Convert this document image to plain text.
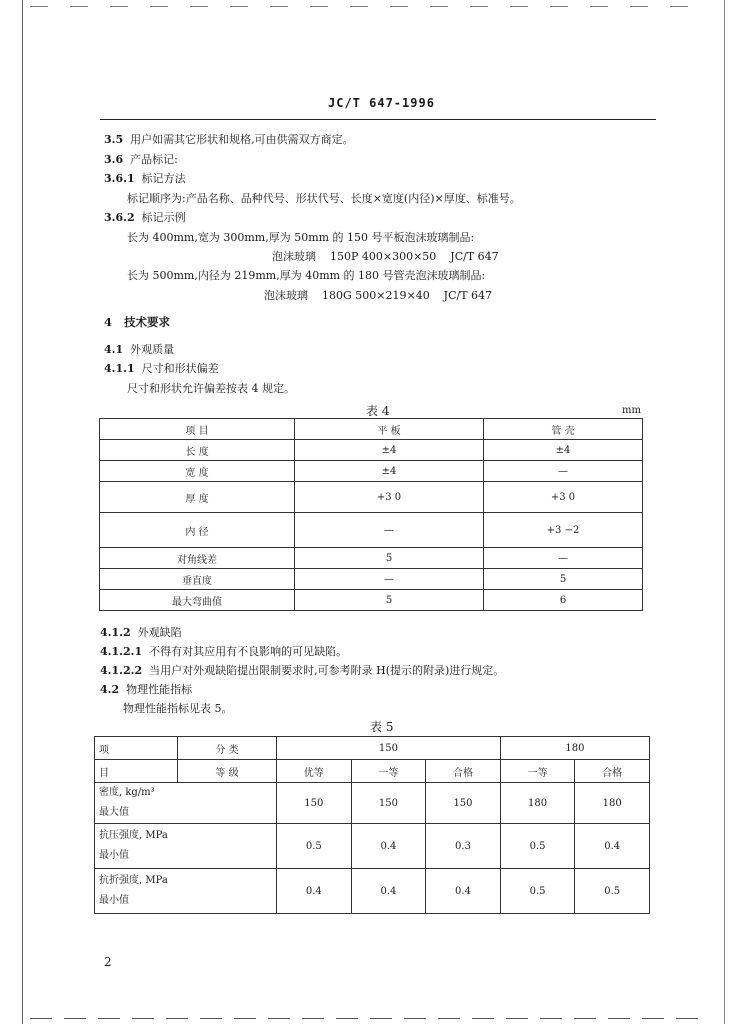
JC/T 647-1996
3.5 用户如需其它形状和规格,可由供需双方商定。
3.6 产品标记:
3.6.1 标记方法
标记顺序为:产品名称、品种代号、形状代号、长度×宽度(内径)×厚度、标准号。
3.6.2 标记示例
长为 400mm,宽为 300mm,厚为 50mm 的 150 号平板泡沫玻璃制品:
泡沫玻璃    150P 400×300×50    JC/T 647
长为 500mm,内径为 219mm,厚为 40mm 的 180 号管壳泡沫玻璃制品:
泡沫玻璃    180G 500×219×40    JC/T 647
4 技术要求
4.1 外观质量
4.1.1 尺寸和形状偏差
尺寸和形状允许偏差按表 4 规定。
表 4	mm
项 目	平 板	管 壳
长 度	±4	±4
宽 度	±4	—
厚 度	+3 0	+3 0
内 径	—	+3 −2
对角线差	5	—
垂直度	—	5
最大弯曲值	5	6
4.1.2 外观缺陷
4.1.2.1 不得有对其应用有不良影响的可见缺陷。
4.1.2.2 当用户对外观缺陷提出限制要求时,可参考附录 H(提示的附录)进行规定。
4.2 物理性能指标
物理性能指标见表 5。
表 5
项	分 类	150			180	
目	等 级	优等	一等	合格	一等	合格

密度, kg/m³
最大值		150	150	150	180	180

抗压强度, MPa
最小值		0.5	0.4	0.3	0.5	0.4

抗折强度, MPa
最小值		0.4	0.4	0.4	0.5	0.5
2
